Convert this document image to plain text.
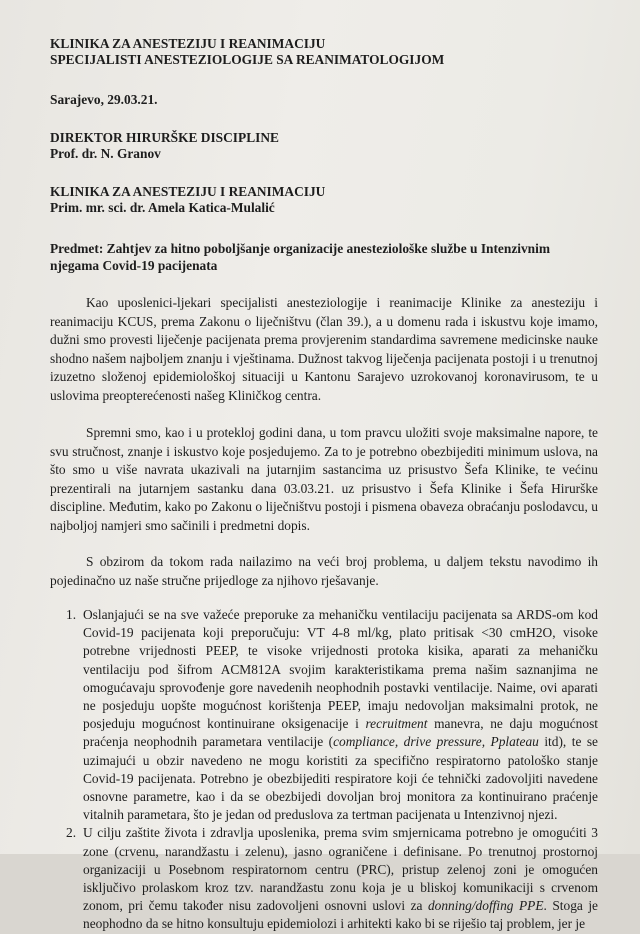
KLINIKA ZA ANESTEZIJU I REANIMACIJU

SPECIJALISTI ANESTEZIOLOGIJE SA REANIMATOLOGIJOM

Sarajevo, 29.03.21.

DIREKTOR HIRURŠKE DISCIPLINE

Prof. dr. N. Granov

KLINIKA ZA ANESTEZIJU I REANIMACIJU

Prim. mr. sci. dr. Amela Katica-Mulalić

Predmet: Zahtjev za hitno poboljšanje organizacije anesteziološke službe u Intenzivnim njegama Covid-19 pacijenata

Kao uposlenici-ljekari specijalisti anesteziologije i reanimacije Klinike za anesteziju i reanimaciju KCUS, prema Zakonu o liječništvu (član 39.), a u domenu rada i iskustvu koje imamo, dužni smo provesti liječenje pacijenata prema provjerenim standardima savremene medicinske nauke shodno našem najboljem znanju i vještinama. Dužnost takvog liječenja pacijenata postoji i u trenutnoj izuzetno složenoj epidemiološkoj situaciji u Kantonu Sarajevo uzrokovanoj koronavirusom, te u uslovima preopterećenosti našeg Kliničkog centra.

Spremni smo, kao i u protekloj godini dana, u tom pravcu uložiti svoje maksimalne napore, te svu stručnost, znanje i iskustvo koje posjedujemo. Za to je potrebno obezbijediti minimum uslova, na što smo u više navrata ukazivali na jutarnjim sastancima uz prisustvo Šefa Klinike, te većinu prezentirali na jutarnjem sastanku dana 03.03.21. uz prisustvo i Šefa Klinike i Šefa Hirurške discipline. Međutim, kako po Zakonu o liječništvu postoji i pismena obaveza obraćanju poslodavcu, u najboljoj namjeri smo sačinili i predmetni dopis.

S obzirom da tokom rada nailazimo na veći broj problema, u daljem tekstu navodimo ih pojedinačno uz naše stručne prijedloge za njihovo rješavanje.

1. Oslanjajući se na sve važeće preporuke za mehaničku ventilaciju pacijenata sa ARDS-om kod Covid-19 pacijenata koji preporučuju: VT 4-8 ml/kg, plato pritisak <30 cmH2O, visoke potrebne vrijednosti PEEP, te visoke vrijednosti protoka kisika, aparati za mehaničku ventilaciju pod šifrom ACM812A svojim karakteristikama prema našim saznanjima ne omogućavaju sprovođenje gore navedenih neophodnih postavki ventilacije. Naime, ovi aparati ne posjeduju uopšte mogućnost korištenja PEEP, imaju nedovoljan maksimalni protok, ne posjeduju mogućnost kontinuirane oksigenacije i recruitment manevra, ne daju mogućnost praćenja neophodnih parametara ventilacije (compliance, drive pressure, Pplateau itd), te se uzimajući u obzir navedeno ne mogu koristiti za specifično respiratorno patološko stanje Covid-19 pacijenata. Potrebno je obezbijediti respiratore koji će tehnički zadovoljiti navedene osnovne parametre, kao i da se obezbijedi dovoljan broj monitora za kontinuirano praćenje vitalnih parametara, što je jedan od preduslova za tertman pacijenata u Intenzivnoj njezi.
2. U cilju zaštite života i zdravlja uposlenika, prema svim smjernicama potrebno je omogućiti 3 zone (crvenu, narandžastu i zelenu), jasno ograničene i definisane. Po trenutnoj prostornoj organizaciji u Posebnom respiratornom centru (PRC), pristup zelenoj zoni je omogućen isključivo prolaskom kroz tzv. narandžastu zonu koja je u bliskoj komunikaciji s crvenom zonom, pri čemu također nisu zadovoljeni osnovni uslovi za donning/doffing PPE. Stoga je neophodno da se hitno konsultuju epidemiolozi i arhitekti kako bi se riješio taj problem, jer je
